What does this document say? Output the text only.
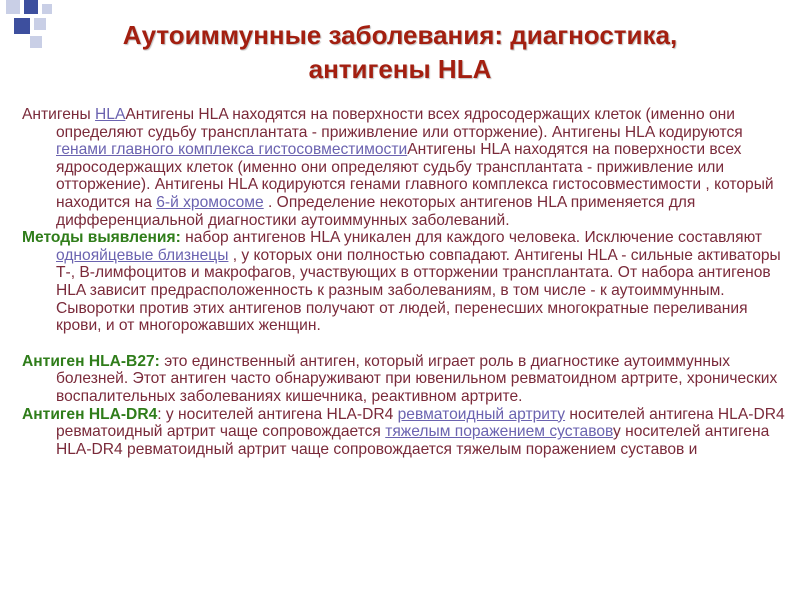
Аутоиммунные заболевания: диагностика,
антигены HLA

Антигены HLAАнтигены HLA находятся на поверхности всех ядросодержащих клеток (именно они определяют судьбу трансплантата - приживление или отторжение). Антигены HLA кодируются генами главного комплекса гистосовместимостиАнтигены HLA находятся на поверхности всех ядросодержащих клеток (именно они определяют судьбу трансплантата - приживление или отторжение). Антигены HLA кодируются генами главного комплекса гистосовместимости , который находится на 6-й хромосоме . Определение некоторых антигенов HLA применяется для дифференциальной диагностики аутоиммунных заболеваний.

Методы выявления: набор антигенов HLA уникален для каждого человека. Исключение составляют однояйцевые близнецы , у которых они полностью совпадают. Антигены HLA - сильные активаторы Т-, В-лимфоцитов и макрофагов, участвующих в отторжении трансплантата. От набора антигенов HLA зависит предрасположенность к разным заболеваниям, в том числе - к аутоиммунным. Сыворотки против этих антигенов получают от людей, перенесших многократные переливания крови, и от многорожавших женщин.

Антиген HLA-B27: это единственный антиген, который играет роль в диагностике аутоиммунных болезней. Этот антиген часто обнаруживают при ювенильном ревматоидном артрите, хронических воспалительных заболеваниях кишечника, реактивном артрите.

Антиген HLA-DR4: у носителей антигена HLA-DR4 ревматоидный артриту носителей антигена HLA-DR4 ревматоидный артрит чаще сопровождается тяжелым поражением суставову носителей антигена HLA-DR4 ревматоидный артрит чаще сопровождается тяжелым поражением суставов и
